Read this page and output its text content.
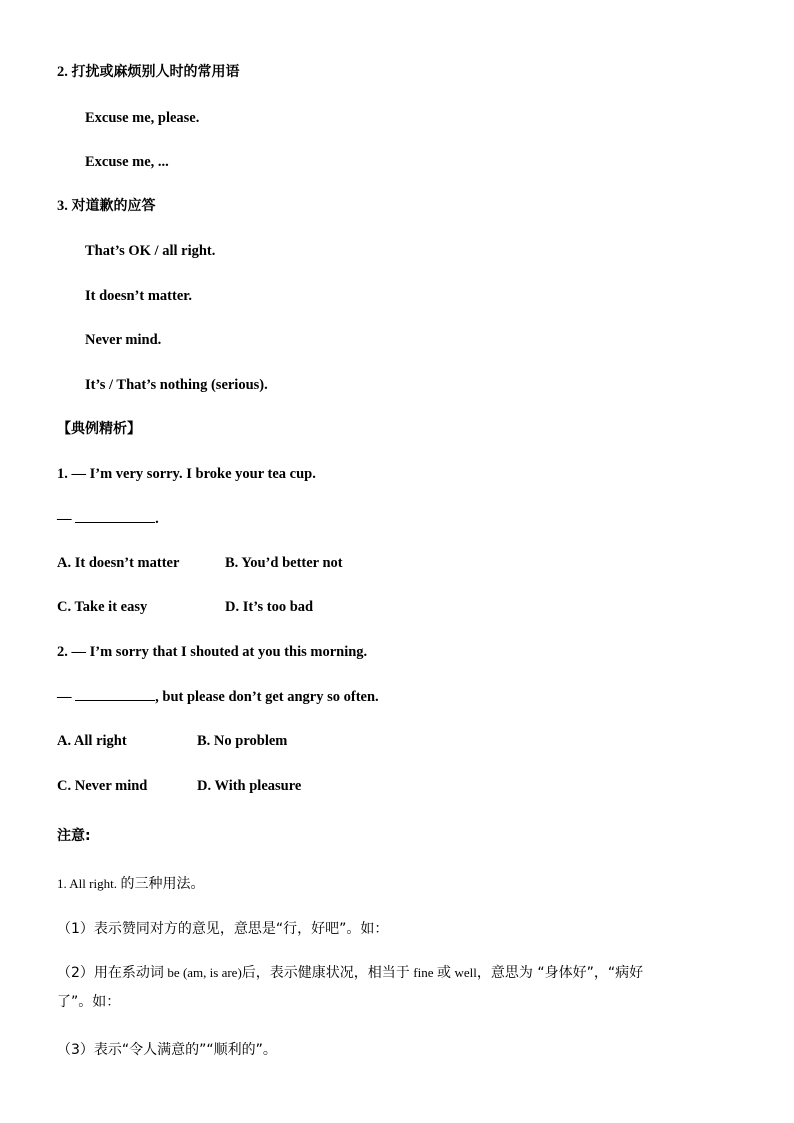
2. 打扰或麻烦别人时的常用语
Excuse me, please.
Excuse me, ...
3. 对道歉的应答
That’s OK / all right.
It doesn’t matter.
Never mind.
It’s / That’s nothing (serious).
【典例精析】
1. — I’m very sorry. I broke your tea cup.
—	.
A. It doesn’t matter	B. You’d better not
C. Take it easy	D. It’s too bad
2. — I’m sorry that I shouted at you this morning.
—	, but please don’t get angry so often.
A. All right	B. No problem
C. Never mind	D. With pleasure
注意:
1. All right. 的三种用法。
（1）表示赞同对方的意见，意思是“行，好吧”。如：
（2）用在系动词 be (am, is are)后，表示健康状况，相当于 fine 或 well，意思为 “身体好”，“病好
了”。如：
（3）表示“令人满意的”“顺利的”。
